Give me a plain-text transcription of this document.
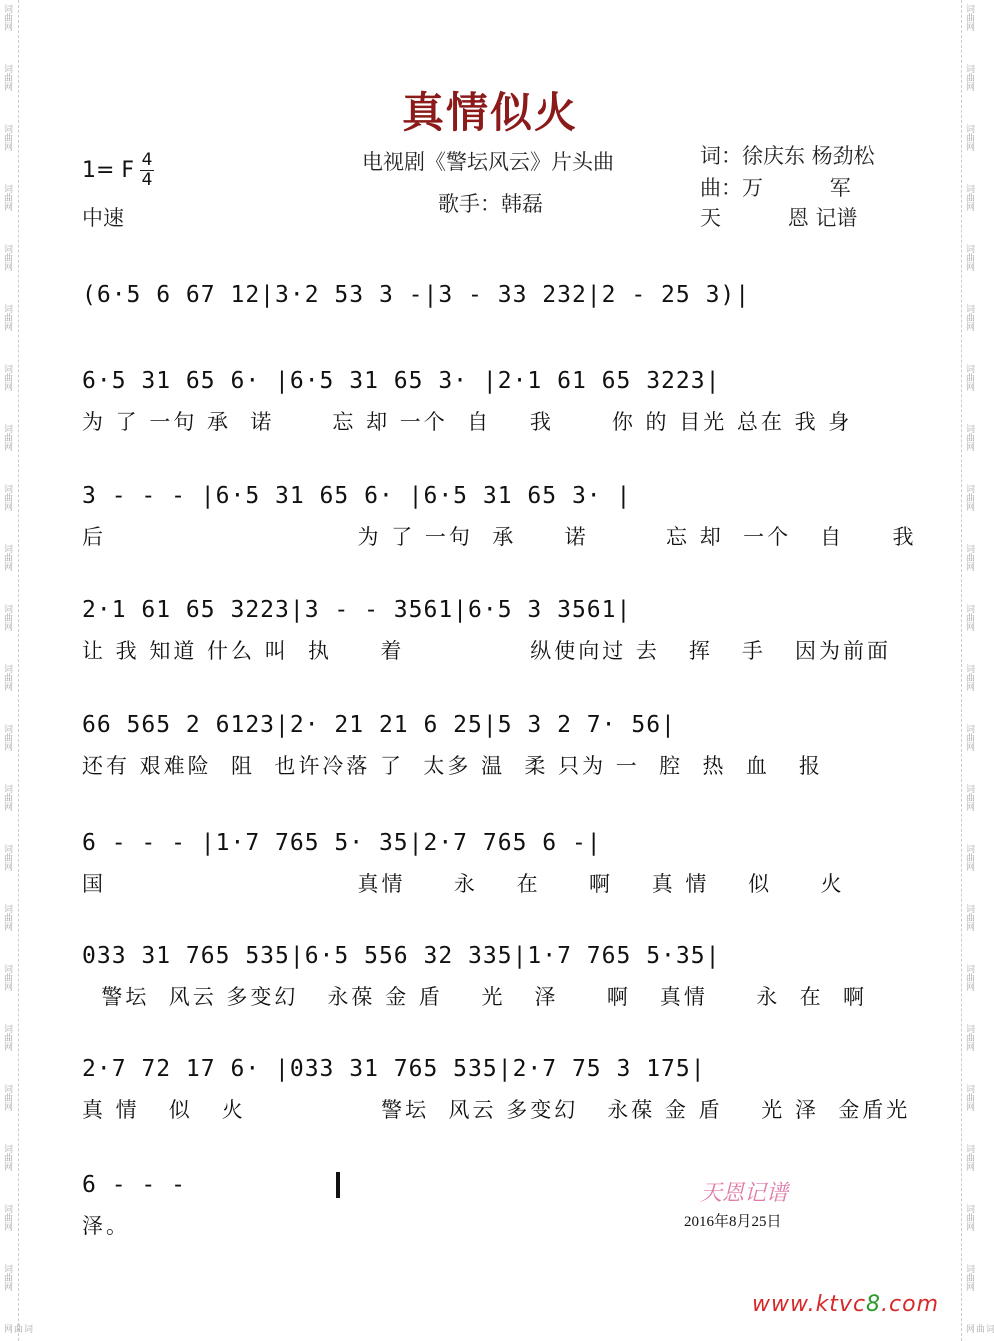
词曲网
词曲网
词曲网
词曲网
词曲网
词曲网
词曲网
词曲网
词曲网
词曲网
词曲网
词曲网
词曲网
词曲网
词曲网
词曲网
词曲网
词曲网
词曲网
词曲网
词曲网
词曲网
词曲网
词曲网
词曲网
词曲网
词曲网
词曲网
词曲网
词曲网
词曲网
词曲网
词曲网
词曲网
词曲网
词曲网
词曲网
词曲网
词曲网
词曲网
词曲网
词曲网
词曲网
词曲网
词曲网
词曲网
真情似火
电视剧《警坛风云》片头曲
歌手：韩磊
词：徐庆东 杨劲松
曲：万          军
天          恩 记谱
1= F 4
4
中速
(6·5 6 67 12|3·2 53 3 -|3 - 33 232|2 - 25 3)|
6·5 31 65 6· |6·5 31 65 3· |2·1 61 65 3223|
为 了 一句 承  诺      忘 却 一个  自    我      你 的 目光 总在 我 身
3 - - - |6·5 31 65 6· |6·5 31 65 3· |
后                          为 了 一句  承     诺        忘 却  一个   自     我
2·1 61 65 3223|3 - - 3561|6·5 3 3561|
让 我 知道 什么 叫  执     着             纵使向过 去   挥   手   因为前面
66 565 2 6123|2· 21 21 6 25|5 3 2 7· 56|
还有 艰难险  阻  也许冷落 了  太多 温  柔 只为 一  腔  热  血   报
6 - - - |1·7 765 5· 35|2·7 765 6 -|
国                          真情     永    在     啊    真 情    似     火
033 31 765 535|6·5 556 32 335|1·7 765 5·35|
警坛  风云 多变幻   永葆 金 盾    光   泽     啊   真情     永  在  啊
2·7 72 17 6· |033 31 765 535|2·7 75 3 175|
真 情   似   火              警坛  风云 多变幻   永葆 金 盾    光 泽  金盾光
6 - - -
泽。
天恩记谱
2016年8月25日
www.ktvc8.com
